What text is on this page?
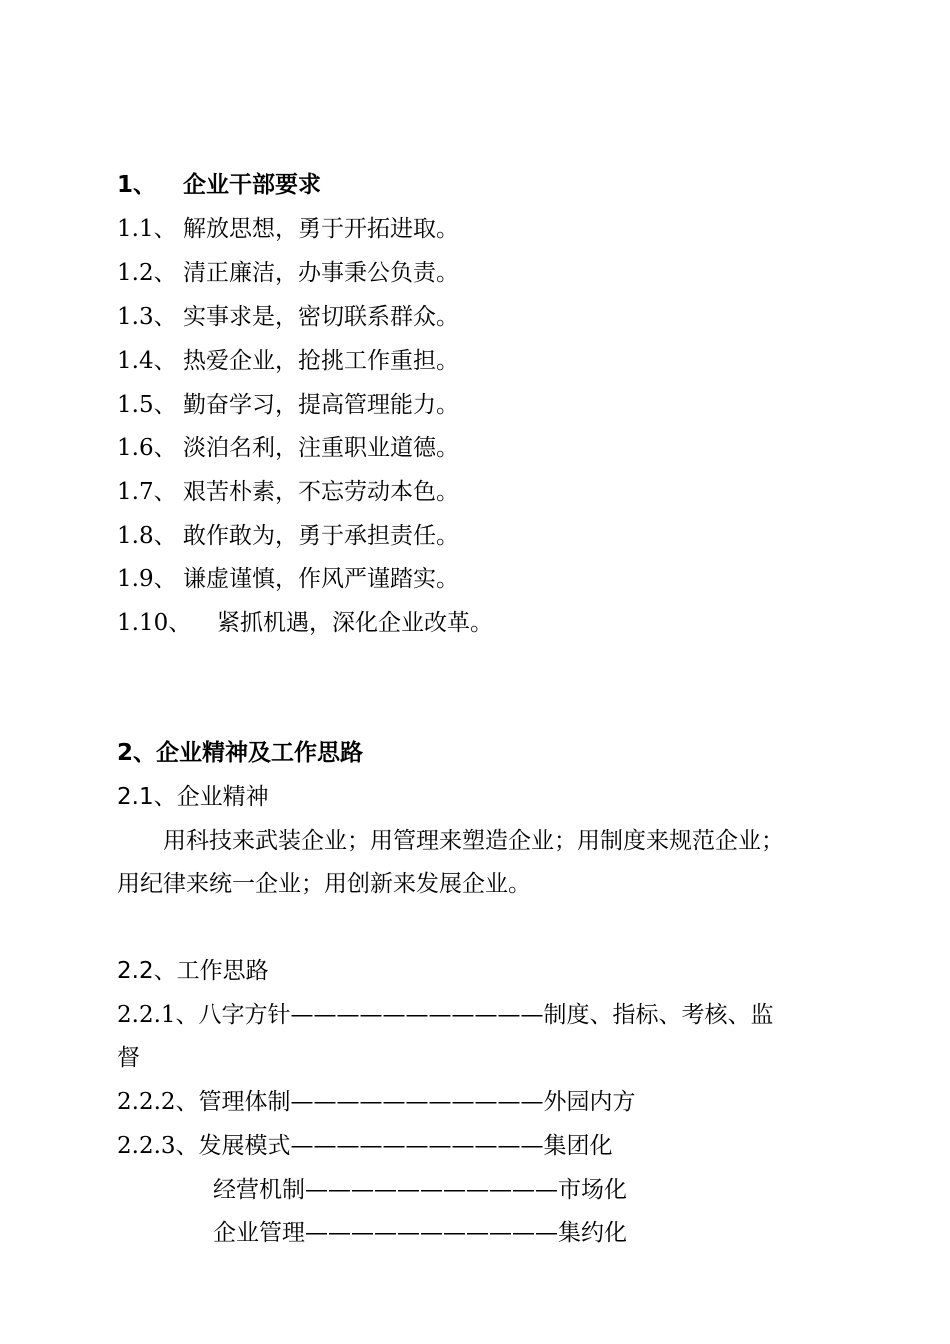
1、 企业干部要求
1.1、 解放思想，勇于开拓进取。
1.2、 清正廉洁，办事秉公负责。
1.3、 实事求是，密切联系群众。
1.4、 热爱企业，抢挑工作重担。
1.5、 勤奋学习，提高管理能力。
1.6、 淡泊名利，注重职业道德。
1.7、 艰苦朴素，不忘劳动本色。
1.8、 敢作敢为，勇于承担责任。
1.9、 谦虚谨慎，作风严谨踏实。
1.10、 紧抓机遇，深化企业改革。
2、企业精神及工作思路
2.1、企业精神
用科技来武装企业；用管理来塑造企业；用制度来规范企业；
用纪律来统一企业；用创新来发展企业。
2.2、工作思路
2.2.1、八字方针———————————制度、指标、考核、监
督
2.2.2、管理体制———————————外园内方
2.2.3、发展模式———————————集团化
经营机制———————————市场化
企业管理———————————集约化
